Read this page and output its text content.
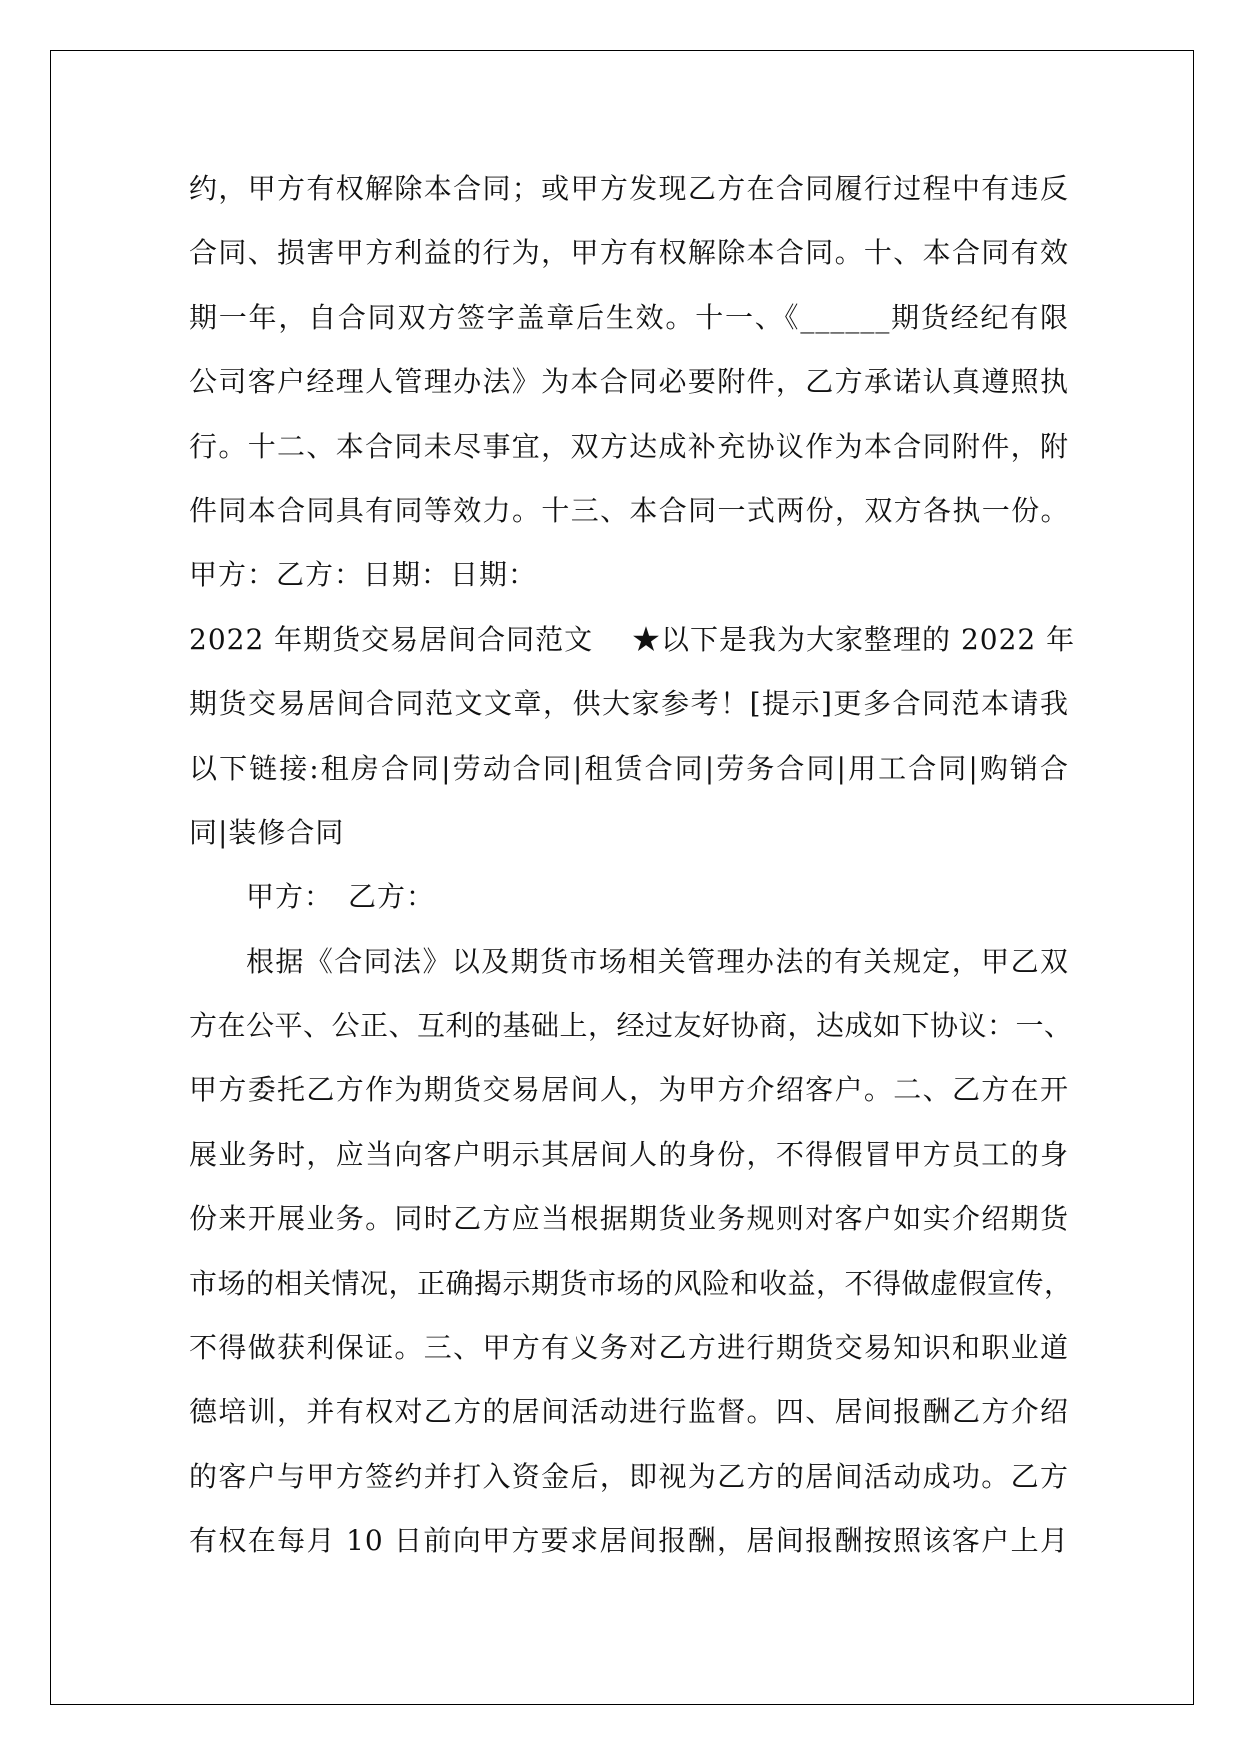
约，甲方有权解除本合同；或甲方发现乙方在合同履行过程中有违反
合同、损害甲方利益的行为，甲方有权解除本合同。十、本合同有效
期一年，自合同双方签字盖章后生效。十一、《______期货经纪有限
公司客户经理人管理办法》为本合同必要附件，乙方承诺认真遵照执
行。十二、本合同未尽事宜，双方达成补充协议作为本合同附件，附
件同本合同具有同等效力。十三、本合同一式两份，双方各执一份。
甲方：乙方：日期：日期：
2022 年期货交易居间合同范文　 ★以下是我为大家整理的 2022 年
期货交易居间合同范文文章，供大家参考！[提示]更多合同范本请我
以下链接:租房合同|劳动合同|租赁合同|劳务合同|用工合同|购销合
同|装修合同
甲方：　乙方：
根据《合同法》以及期货市场相关管理办法的有关规定，甲乙双
方在公平、公正、互利的基础上，经过友好协商，达成如下协议：一、
甲方委托乙方作为期货交易居间人，为甲方介绍客户。二、乙方在开
展业务时，应当向客户明示其居间人的身份，不得假冒甲方员工的身
份来开展业务。同时乙方应当根据期货业务规则对客户如实介绍期货
市场的相关情况，正确揭示期货市场的风险和收益，不得做虚假宣传，
不得做获利保证。三、甲方有义务对乙方进行期货交易知识和职业道
德培训，并有权对乙方的居间活动进行监督。四、居间报酬乙方介绍
的客户与甲方签约并打入资金后，即视为乙方的居间活动成功。乙方
有权在每月 10 日前向甲方要求居间报酬，居间报酬按照该客户上月
